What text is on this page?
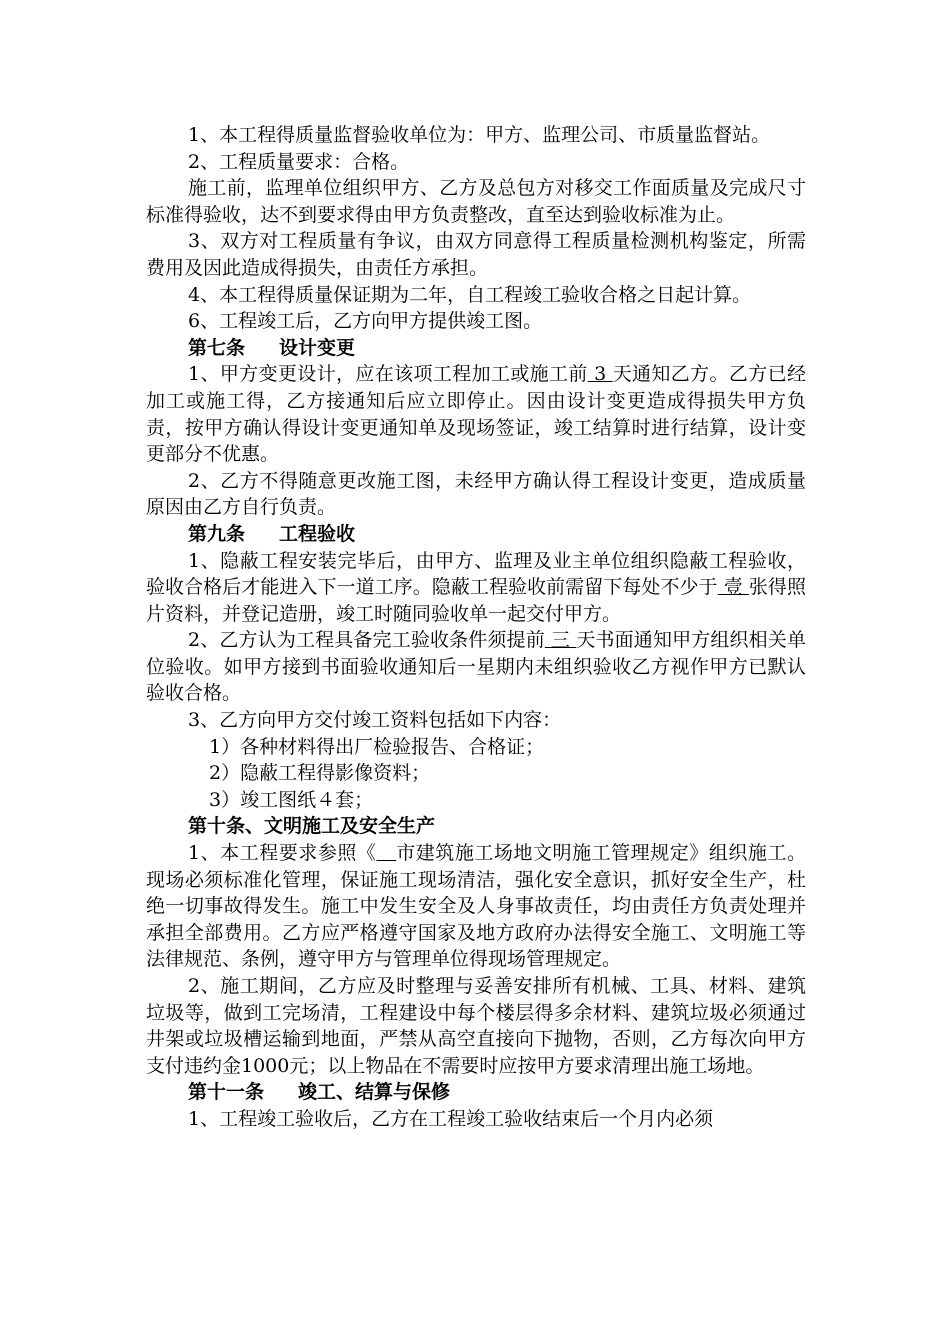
1、本工程得质量监督验收单位为：甲方、监理公司、市质量监督站。

2、工程质量要求：合格。

施工前，监理单位组织甲方、乙方及总包方对移交工作面质量及完成尺寸标准得验收，达不到要求得由甲方负责整改，直至达到验收标准为止。

3、双方对工程质量有争议，由双方同意得工程质量检测机构鉴定，所需费用及因此造成得损失，由责任方承担。

4、本工程得质量保证期为二年，自工程竣工验收合格之日起计算。

6、工程竣工后，乙方向甲方提供竣工图。

第七条 设计变更

1、甲方变更设计，应在该项工程加工或施工前 3 天通知乙方。乙方已经加工或施工得，乙方接通知后应立即停止。因由设计变更造成得损失甲方负责，按甲方确认得设计变更通知单及现场签证，竣工结算时进行结算，设计变更部分不优惠。

2、乙方不得随意更改施工图，未经甲方确认得工程设计变更，造成质量原因由乙方自行负责。

第九条 工程验收

1、隐蔽工程安装完毕后，由甲方、监理及业主单位组织隐蔽工程验收，验收合格后才能进入下一道工序。隐蔽工程验收前需留下每处不少于 壹 张得照片资料，并登记造册，竣工时随同验收单一起交付甲方。

2、乙方认为工程具备完工验收条件须提前 三 天书面通知甲方组织相关单位验收。如甲方接到书面验收通知后一星期内未组织验收乙方视作甲方已默认验收合格。

3、乙方向甲方交付竣工资料包括如下内容：

1）各种材料得出厂检验报告、合格证；

2）隐蔽工程得影像资料；

3）竣工图纸４套；

第十条、文明施工及安全生产

1、本工程要求参照《 市建筑施工场地文明施工管理规定》组织施工。现场必须标准化管理，保证施工现场清洁，强化安全意识，抓好安全生产，杜绝一切事故得发生。施工中发生安全及人身事故责任，均由责任方负责处理并承担全部费用。乙方应严格遵守国家及地方政府办法得安全施工、文明施工等法律规范、条例，遵守甲方与管理单位得现场管理规定。

2、施工期间，乙方应及时整理与妥善安排所有机械、工具、材料、建筑垃圾等，做到工完场清，工程建设中每个楼层得多余材料、建筑垃圾必须通过井架或垃圾槽运输到地面，严禁从高空直接向下抛物，否则，乙方每次向甲方支付违约金1000元；以上物品在不需要时应按甲方要求清理出施工场地。

第十一条 竣工、结算与保修

1、工程竣工验收后，乙方在工程竣工验收结束后一个月内必须
